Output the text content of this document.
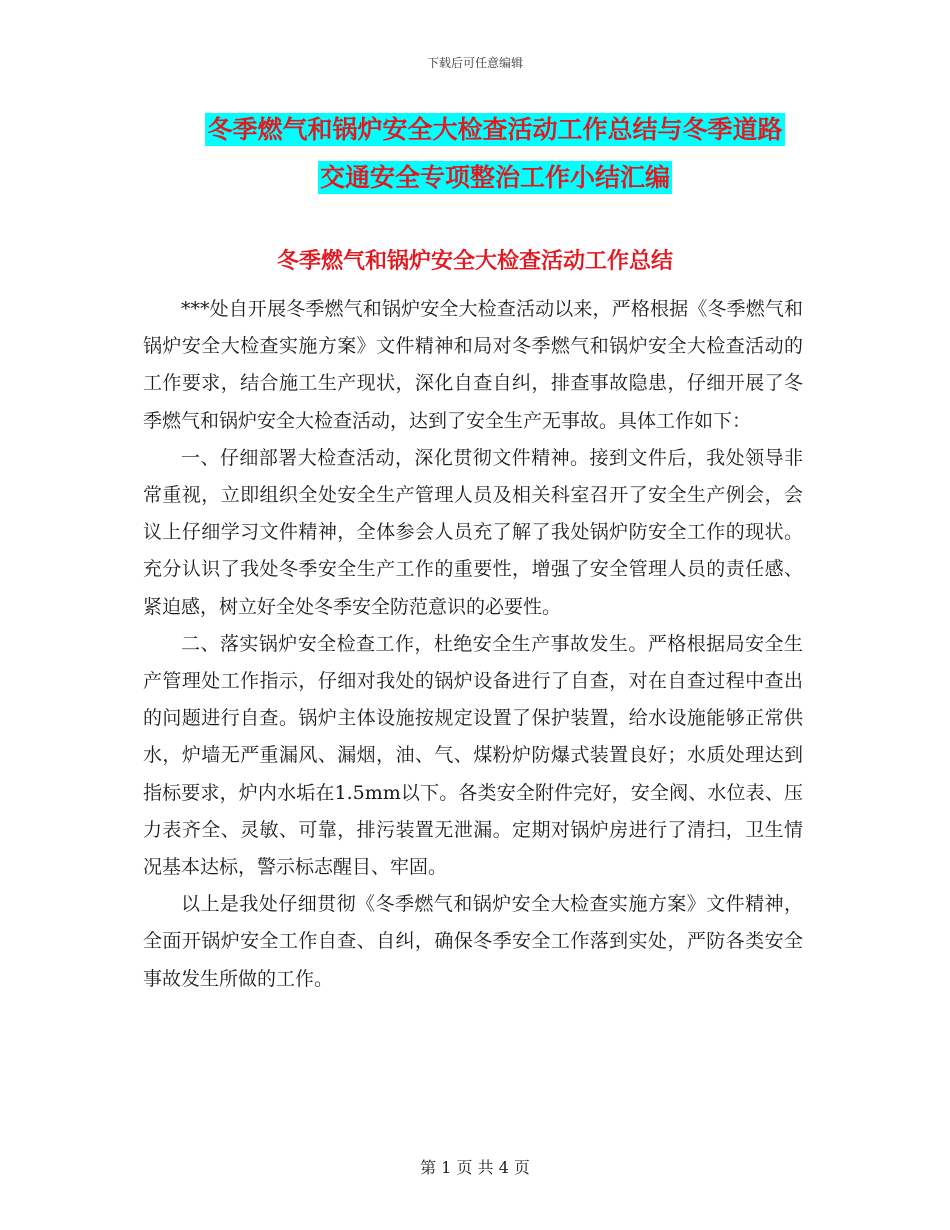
下载后可任意编辑
冬季燃气和锅炉安全大检查活动工作总结与冬季道路
交通安全专项整治工作小结汇编
冬季燃气和锅炉安全大检查活动工作总结

***处自开展冬季燃气和锅炉安全大检查活动以来，严格根据《冬季燃气和锅炉安全大检查实施方案》文件精神和局对冬季燃气和锅炉安全大检查活动的工作要求，结合施工生产现状，深化自查自纠，排查事故隐患，仔细开展了冬季燃气和锅炉安全大检查活动，达到了安全生产无事故。具体工作如下：

一、仔细部署大检查活动，深化贯彻文件精神。接到文件后，我处领导非常重视，立即组织全处安全生产管理人员及相关科室召开了安全生产例会，会议上仔细学习文件精神，全体参会人员充了解了我处锅炉防安全工作的现状。充分认识了我处冬季安全生产工作的重要性，增强了安全管理人员的责任感、紧迫感，树立好全处冬季安全防范意识的必要性。

二、落实锅炉安全检查工作，杜绝安全生产事故发生。严格根据局安全生产管理处工作指示，仔细对我处的锅炉设备进行了自查，对在自查过程中查出的问题进行自查。锅炉主体设施按规定设置了保护装置，给水设施能够正常供水，炉墙无严重漏风、漏烟，油、气、煤粉炉防爆式装置良好；水质处理达到指标要求，炉内水垢在1.5mm以下。各类安全附件完好，安全阀、水位表、压力表齐全、灵敏、可靠，排污装置无泄漏。定期对锅炉房进行了清扫，卫生情况基本达标，警示标志醒目、牢固。

以上是我处仔细贯彻《冬季燃气和锅炉安全大检查实施方案》文件精神，全面开锅炉安全工作自查、自纠，确保冬季安全工作落到实处，严防各类安全事故发生所做的工作。

第 1 页 共 4 页
